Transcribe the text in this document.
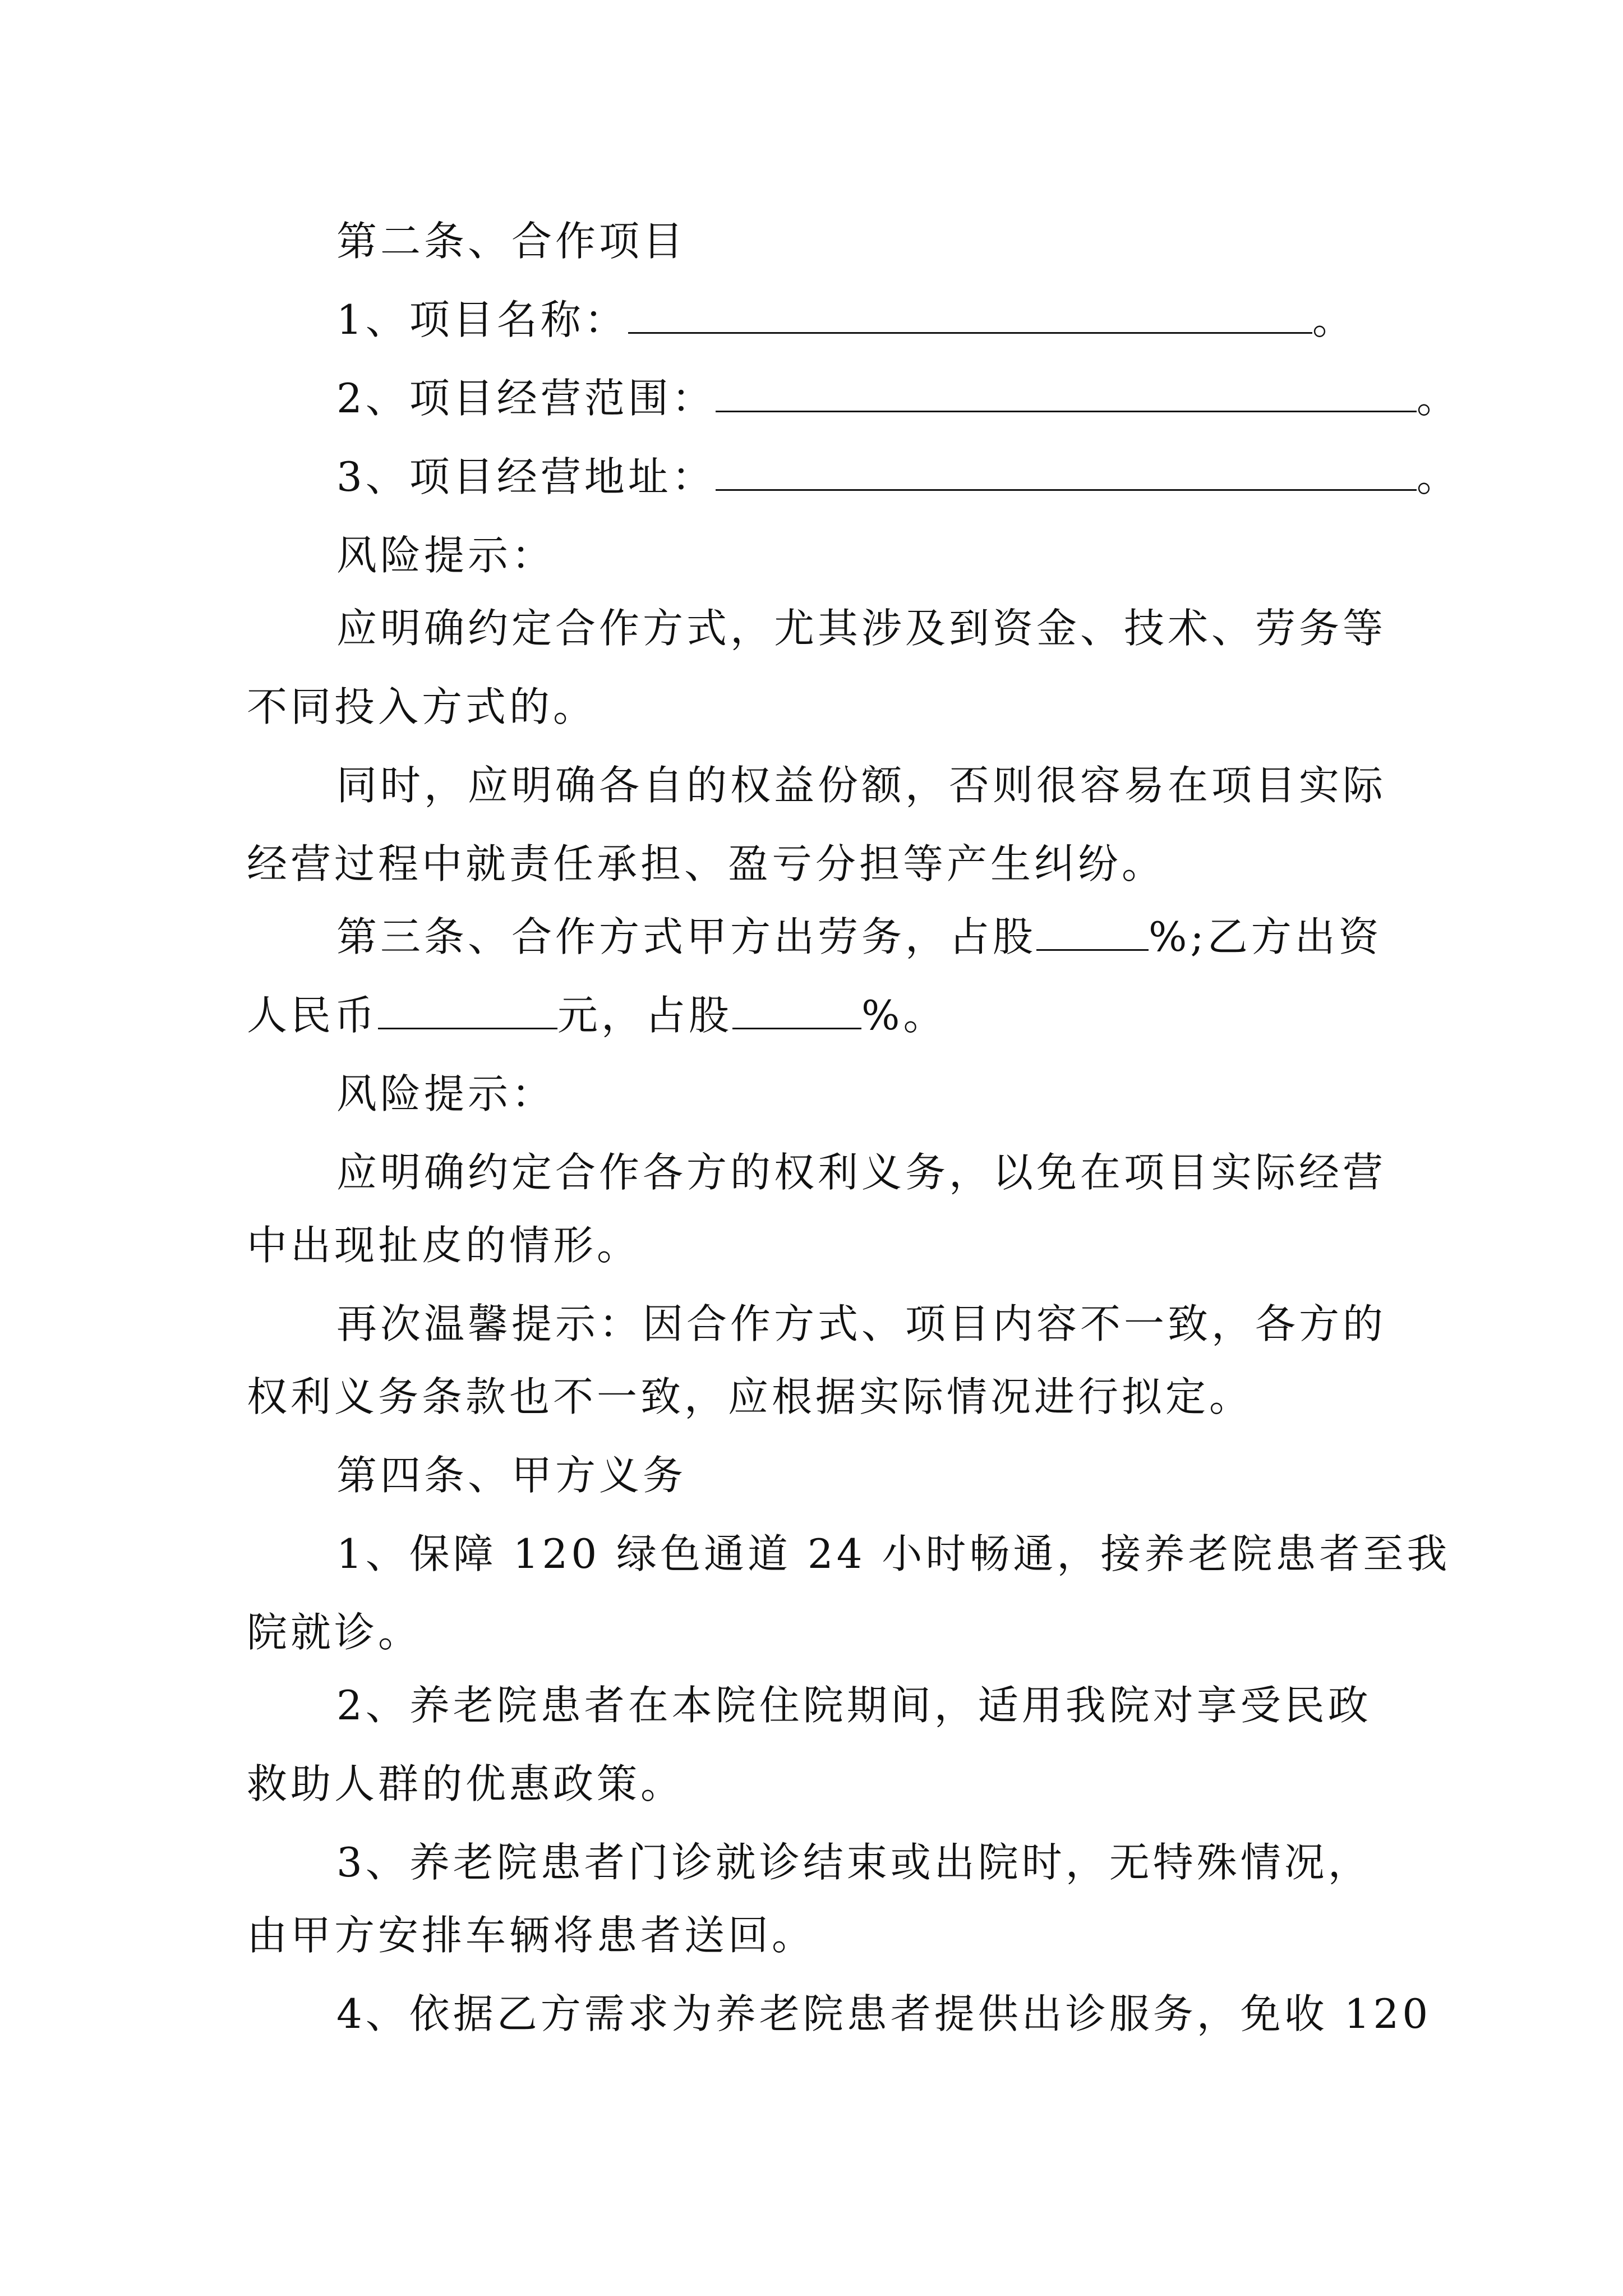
第二条、合作项目
1、项目名称：	。
2、项目经营范围：	。
3、项目经营地址：	。
风险提示：
应明确约定合作方式，尤其涉及到资金、技术、劳务等
不同投入方式的。
同时，应明确各自的权益份额，否则很容易在项目实际
经营过程中就责任承担、盈亏分担等产生纠纷。
第三条、合作方式甲方出劳务，占股	%;乙方出资
人民币	元，占股	%。
风险提示：
应明确约定合作各方的权利义务，以免在项目实际经营
中出现扯皮的情形。
再次温馨提示：因合作方式、项目内容不一致，各方的
权利义务条款也不一致，应根据实际情况进行拟定。
第四条、甲方义务
1、保障 120 绿色通道 24 小时畅通，接养老院患者至我
院就诊。
2、养老院患者在本院住院期间，适用我院对享受民政
救助人群的优惠政策。
3、养老院患者门诊就诊结束或出院时，无特殊情况，
由甲方安排车辆将患者送回。
4、依据乙方需求为养老院患者提供出诊服务，免收 120
